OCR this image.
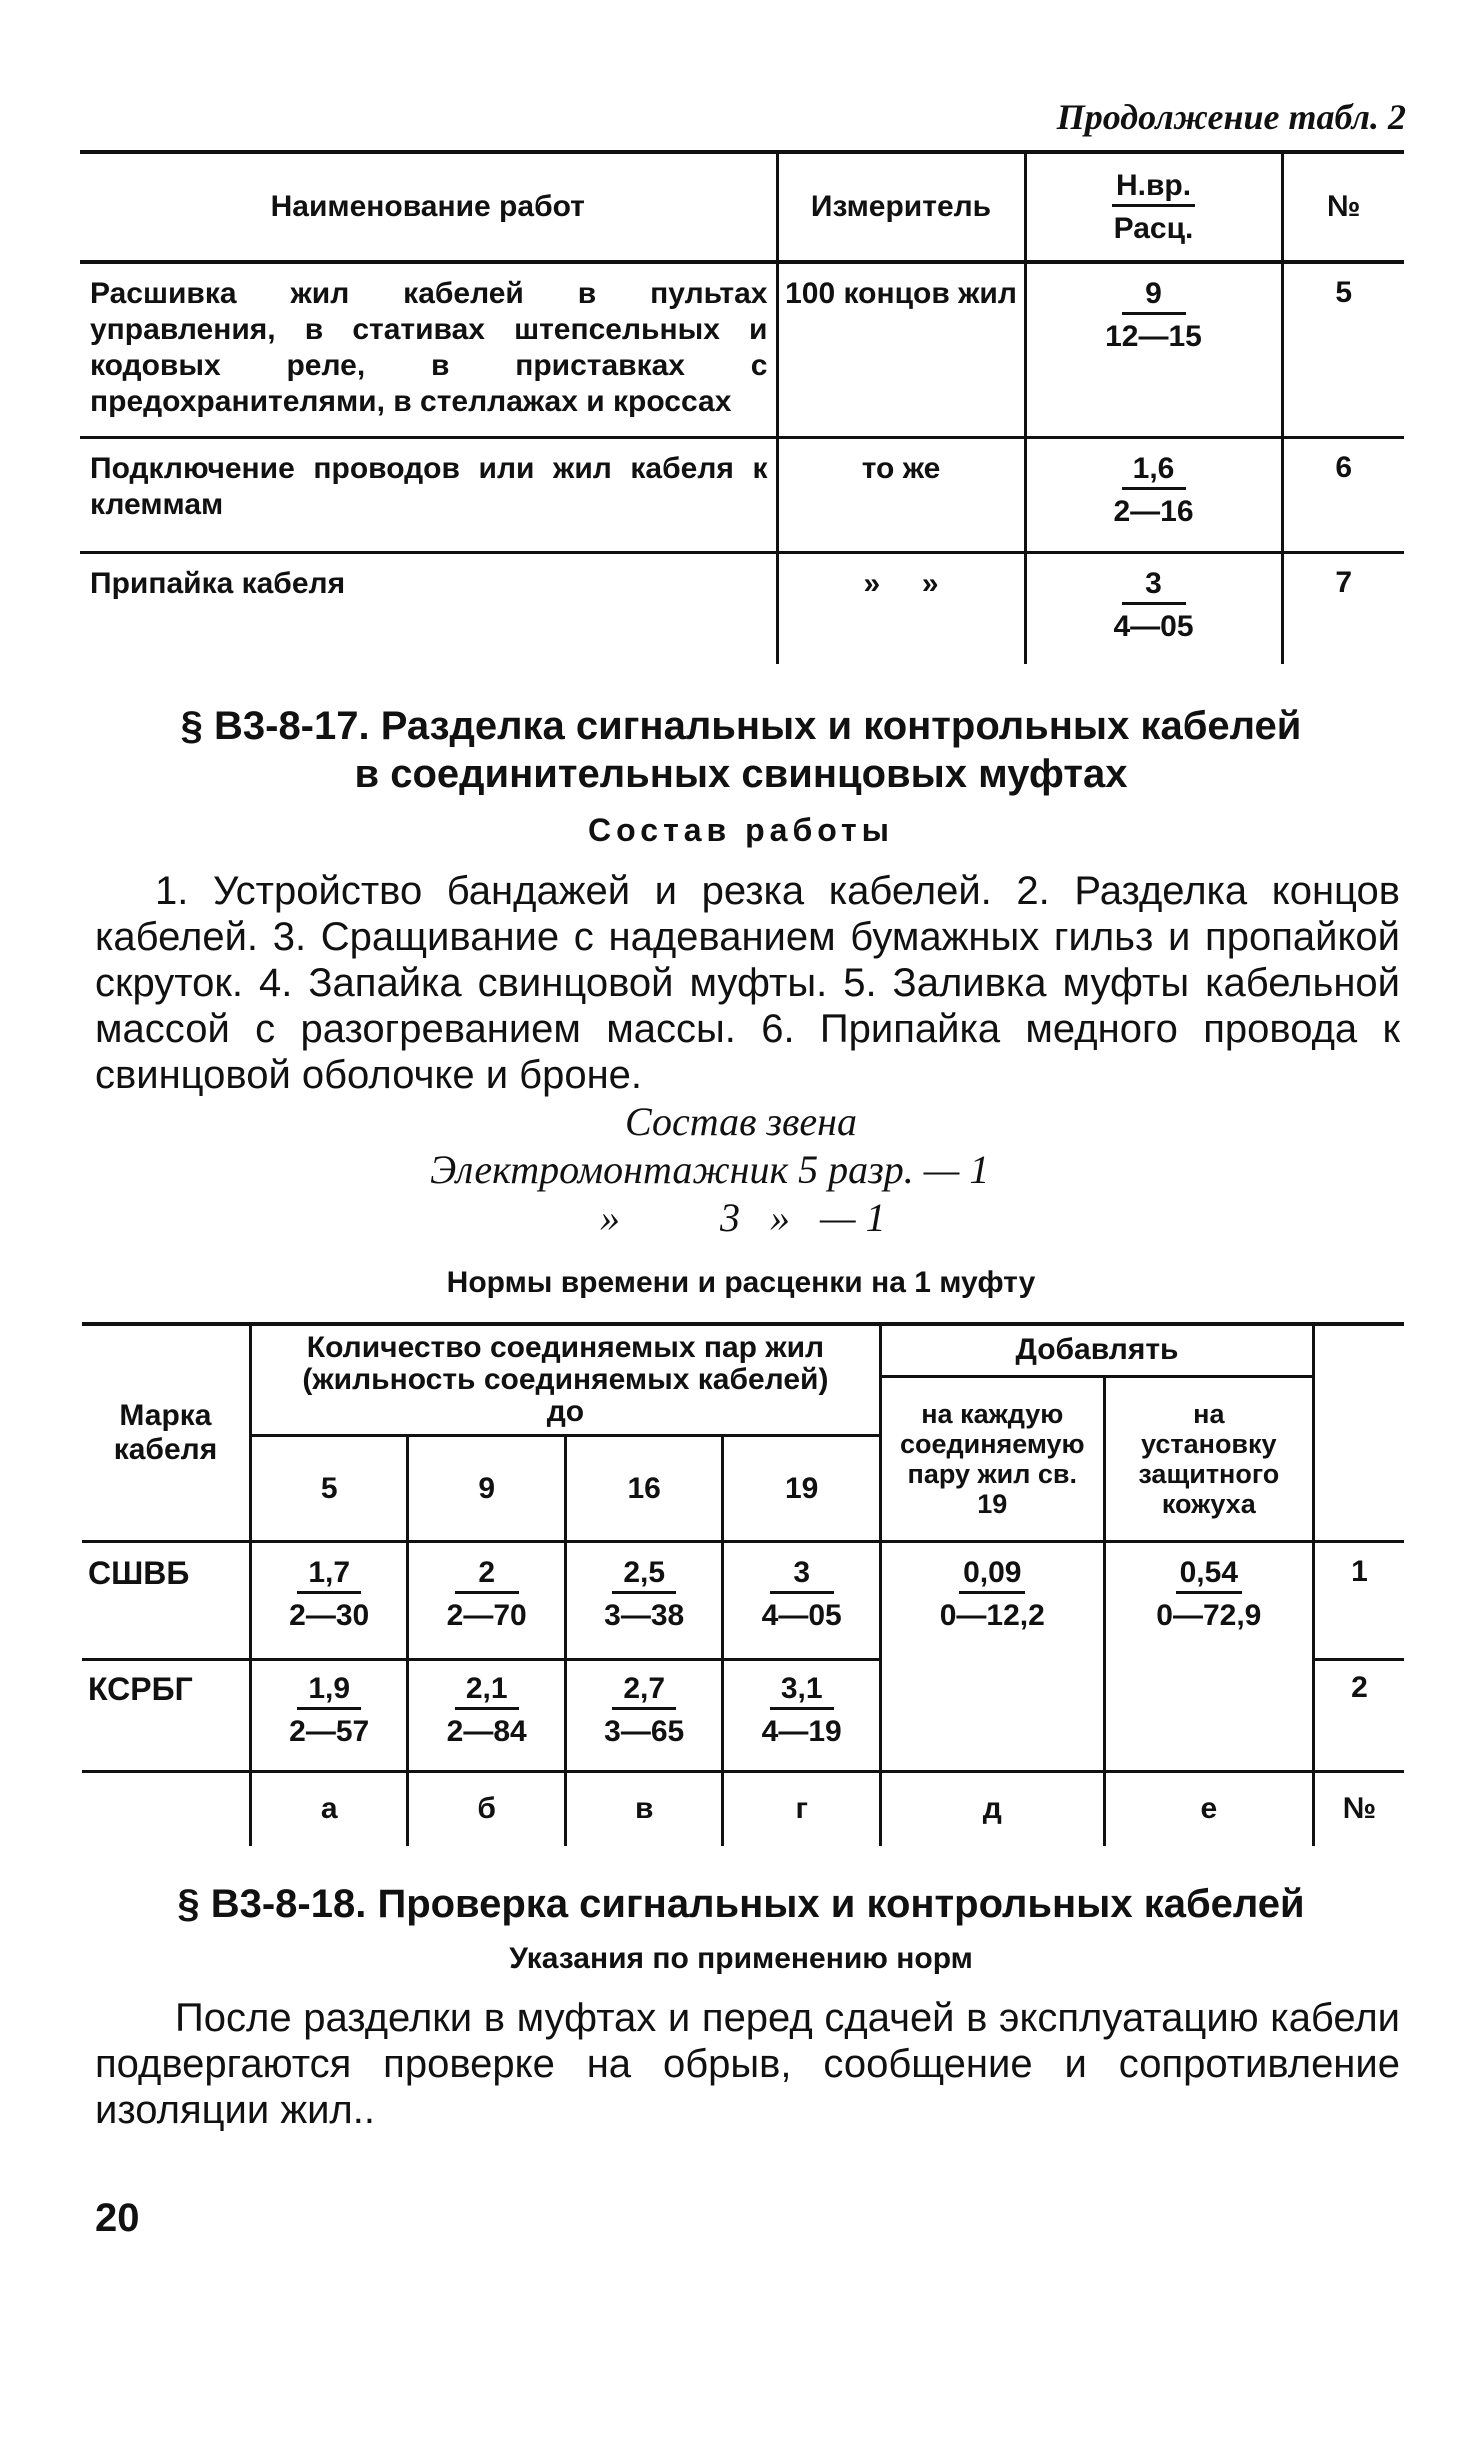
Продолжение табл. 2
Наименование работ	Измеритель	$\frac{Н.вр.}{\text{Расц.}}$	№
Расшивка жил кабелей в пультах управления, в стативах штепсельных и кодовых реле, в приставках с предохранителями, в стеллажах и кроссах	100 концов жил	$\frac{9}{12—15}$	5
Подключение проводов или жил кабеля к клеммам	то же	$\frac{1,6}{2—16}$	6
Припайка кабеля	»     »	$\frac{3}{4—05}$	7
§ В3-8-17. Разделка сигнальных и контрольных кабелей в соединительных свинцовых муфтах
Состав работы
1. Устройство бандажей и резка кабелей. 2. Разделка концов кабелей. 3. Сращивание с надеванием бумажных гильз и пропайкой скруток. 4. Запайка свинцовой муфты. 5. Заливка муфты кабельной массой с разогреванием массы. 6. Припайка медного провода к свинцовой оболочке и броне.
Состав звена
Электромонтажник 5 разр. — 1
»          3   »   — 1
Нормы времени и расценки на 1 муфту
Марка кабеля	Количество соединяемых пар жил (жильность соединяемых кабелей) до				Добавлять		
					на каждую соединяемую пару жил св. 19	на установку защитного кожуха	
	5	9	16	19			
СШВБ	$\frac{1,7}{2—30}$	$\frac{2}{2—70}$	$\frac{2,5}{3—38}$	$\frac{3}{4—05}$	$\frac{0,09}{0—12,2}$	$\frac{0,54}{0—72,9}$	1
КСРБГ	$\frac{1,9}{2—57}$	$\frac{2,1}{2—84}$	$\frac{2,7}{3—65}$	$\frac{3,1}{4—19}$			2
	а	б	в	г	д	е	№
§ В3-8-18. Проверка сигнальных и контрольных кабелей
Указания по применению норм
После разделки в муфтах и перед сдачей в эксплуатацию кабели подвергаются проверке на обрыв, сообщение и сопротивление изоляции жил..
20
